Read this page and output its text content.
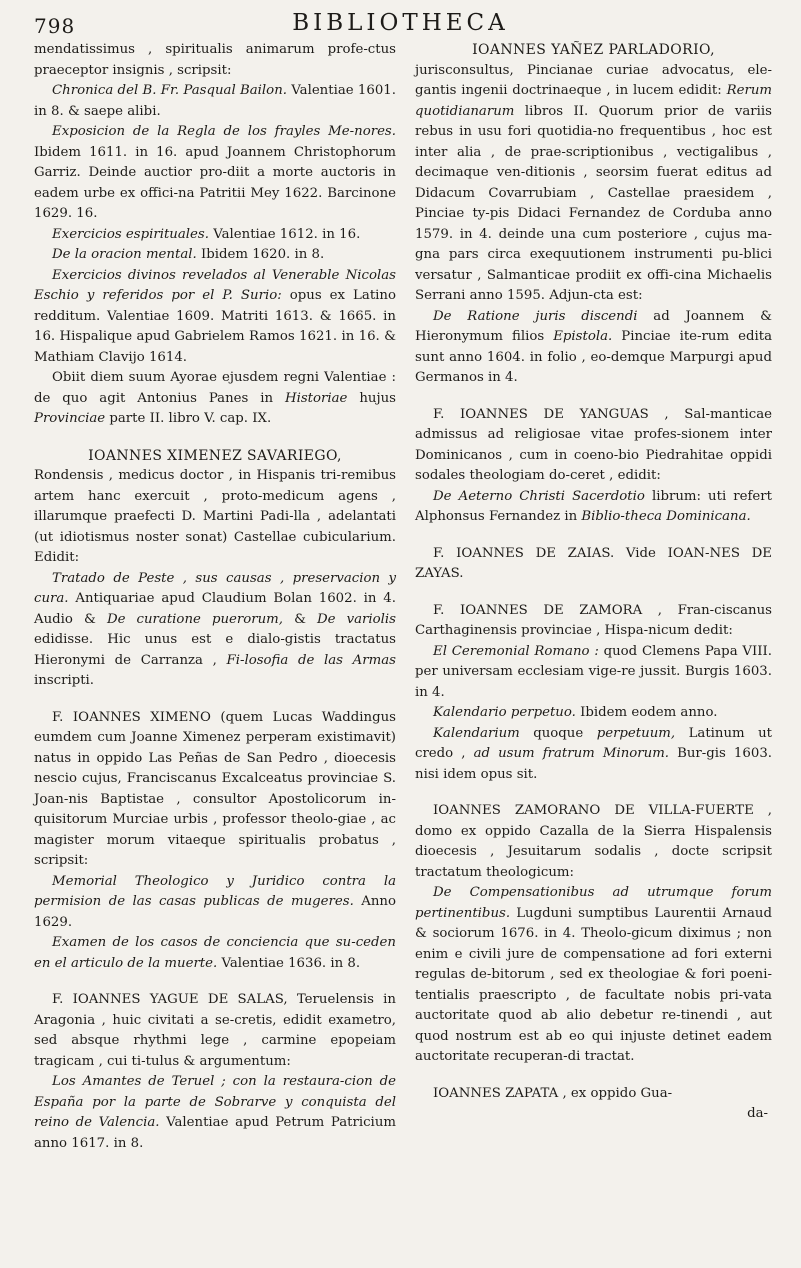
798	BIBLIOTHECA

mendatissimus , spiritualis animarum profe-ctus praeceptor insignis , scripsit:

Chronica del B. Fr. Pasqual Bailon. Valentiae 1601. in 8. & saepe alibi.

Exposicion de la Regla de los frayles Me-nores. Ibidem 1611. in 16. apud Joannem Christophorum Garriz. Deinde auctior pro-diit a morte auctoris in eadem urbe ex offici-na Patritii Mey 1622. Barcinone 1629. 16.

Exercicios espirituales. Valentiae 1612. in 16.

De la oracion mental. Ibidem 1620. in 8.

Exercicios divinos revelados al Venerable Nicolas Eschio y referidos por el P. Surio: opus ex Latino redditum. Valentiae 1609. Matriti 1613. & 1665. in 16. Hispalique apud Gabrielem Ramos 1621. in 16. & Mathiam Clavijo 1614.

Obiit diem suum Ayorae ejusdem regni Valentiae : de quo agit Antonius Panes in Historiae hujus Provinciae parte II. libro V. cap. IX.

IOANNES XIMENEZ SAVARIEGO,

Rondensis , medicus doctor , in Hispanis tri-remibus artem hanc exercuit , proto-medicum agens , illarumque praefecti D. Martini Padi-lla , adelantati (ut idiotismus noster sonat) Castellae cubicularium. Edidit:

Tratado de Peste , sus causas , preservacion y cura. Antiquariae apud Claudium Bolan 1602. in 4. Audio & De curatione puerorum, & De variolis edidisse. Hic unus est e dialo-gistis tractatus Hieronymi de Carranza , Fi-losofia de las Armas inscripti.

F. IOANNES XIMENO (quem Lucas Waddingus eumdem cum Joanne Ximenez perperam existimavit) natus in oppido Las Peñas de San Pedro , dioecesis nescio cujus, Franciscanus Excalceatus provinciae S. Joan-nis Baptistae , consultor Apostolicorum in-quisitorum Murciae urbis , professor theolo-giae , ac magister morum vitaeque spiritualis probatus , scripsit:

Memorial Theologico y Juridico contra la permision de las casas publicas de mugeres. Anno 1629.

Examen de los casos de conciencia que su-ceden en el articulo de la muerte. Valentiae 1636. in 8.

F. IOANNES YAGUE DE SALAS, Teruelensis in Aragonia , huic civitati a se-cretis, edidit exametro, sed absque rhythmi lege , carmine epopeiam tragicam , cui ti-tulus & argumentum:

Los Amantes de Teruel ; con la restaura-cion de España por la parte de Sobrarve y conquista del reino de Valencia. Valentiae apud Petrum Patricium anno 1617. in 8.

IOANNES YAÑEZ PARLADORIO,

jurisconsultus, Pincianae curiae advocatus, ele-gantis ingenii doctrinaeque , in lucem edidit: Rerum quotidianarum libros II. Quorum prior de variis rebus in usu fori quotidia-no frequentibus , hoc est inter alia , de prae-scriptionibus , vectigalibus , decimaque ven-ditionis , seorsim fuerat editus ad Didacum Covarrubiam , Castellae praesidem , Pinciae ty-pis Didaci Fernandez de Corduba anno 1579. in 4. deinde una cum posteriore , cujus ma-gna pars circa exequutionem instrumenti pu-blici versatur , Salmanticae prodiit ex offi-cina Michaelis Serrani anno 1595. Adjun-cta est:

De Ratione juris discendi ad Joannem & Hieronymum filios Epistola. Pinciae ite-rum edita sunt anno 1604. in folio , eo-demque Marpurgi apud Germanos in 4.

F. IOANNES DE YANGUAS , Sal-manticae admissus ad religiosae vitae profes-sionem inter Dominicanos , cum in coeno-bio Piedrahitae oppidi sodales theologiam do-ceret , edidit:

De Aeterno Christi Sacerdotio librum: uti refert Alphonsus Fernandez in Biblio-theca Dominicana.

F. IOANNES DE ZAIAS. Vide IOAN-NES DE ZAYAS.

F. IOANNES DE ZAMORA , Fran-ciscanus Carthaginensis provinciae , Hispa-nicum dedit:

El Ceremonial Romano : quod Clemens Papa VIII. per universam ecclesiam vige-re jussit. Burgis 1603. in 4.

Kalendario perpetuo. Ibidem eodem anno.

Kalendarium quoque perpetuum, Latinum ut credo , ad usum fratrum Minorum. Bur-gis 1603. nisi idem opus sit.

IOANNES ZAMORANO DE VILLA-FUERTE , domo ex oppido Cazalla de la Sierra Hispalensis dioecesis , Jesuitarum sodalis , docte scripsit tractatum theologicum:

De Compensationibus ad utrumque forum pertinentibus. Lugduni sumptibus Laurentii Arnaud & sociorum 1676. in 4. Theolo-gicum diximus ; non enim e civili jure de compensatione ad fori externi regulas de-bitorum , sed ex theologiae & fori poeni-tentialis praescripto , de facultate nobis pri-vata auctoritate quod ab alio debetur re-tinendi , aut quod nostrum est ab eo qui injuste detinet eadem auctoritate recuperan-di tractat.

IOANNES ZAPATA , ex oppido Gua-

da-
